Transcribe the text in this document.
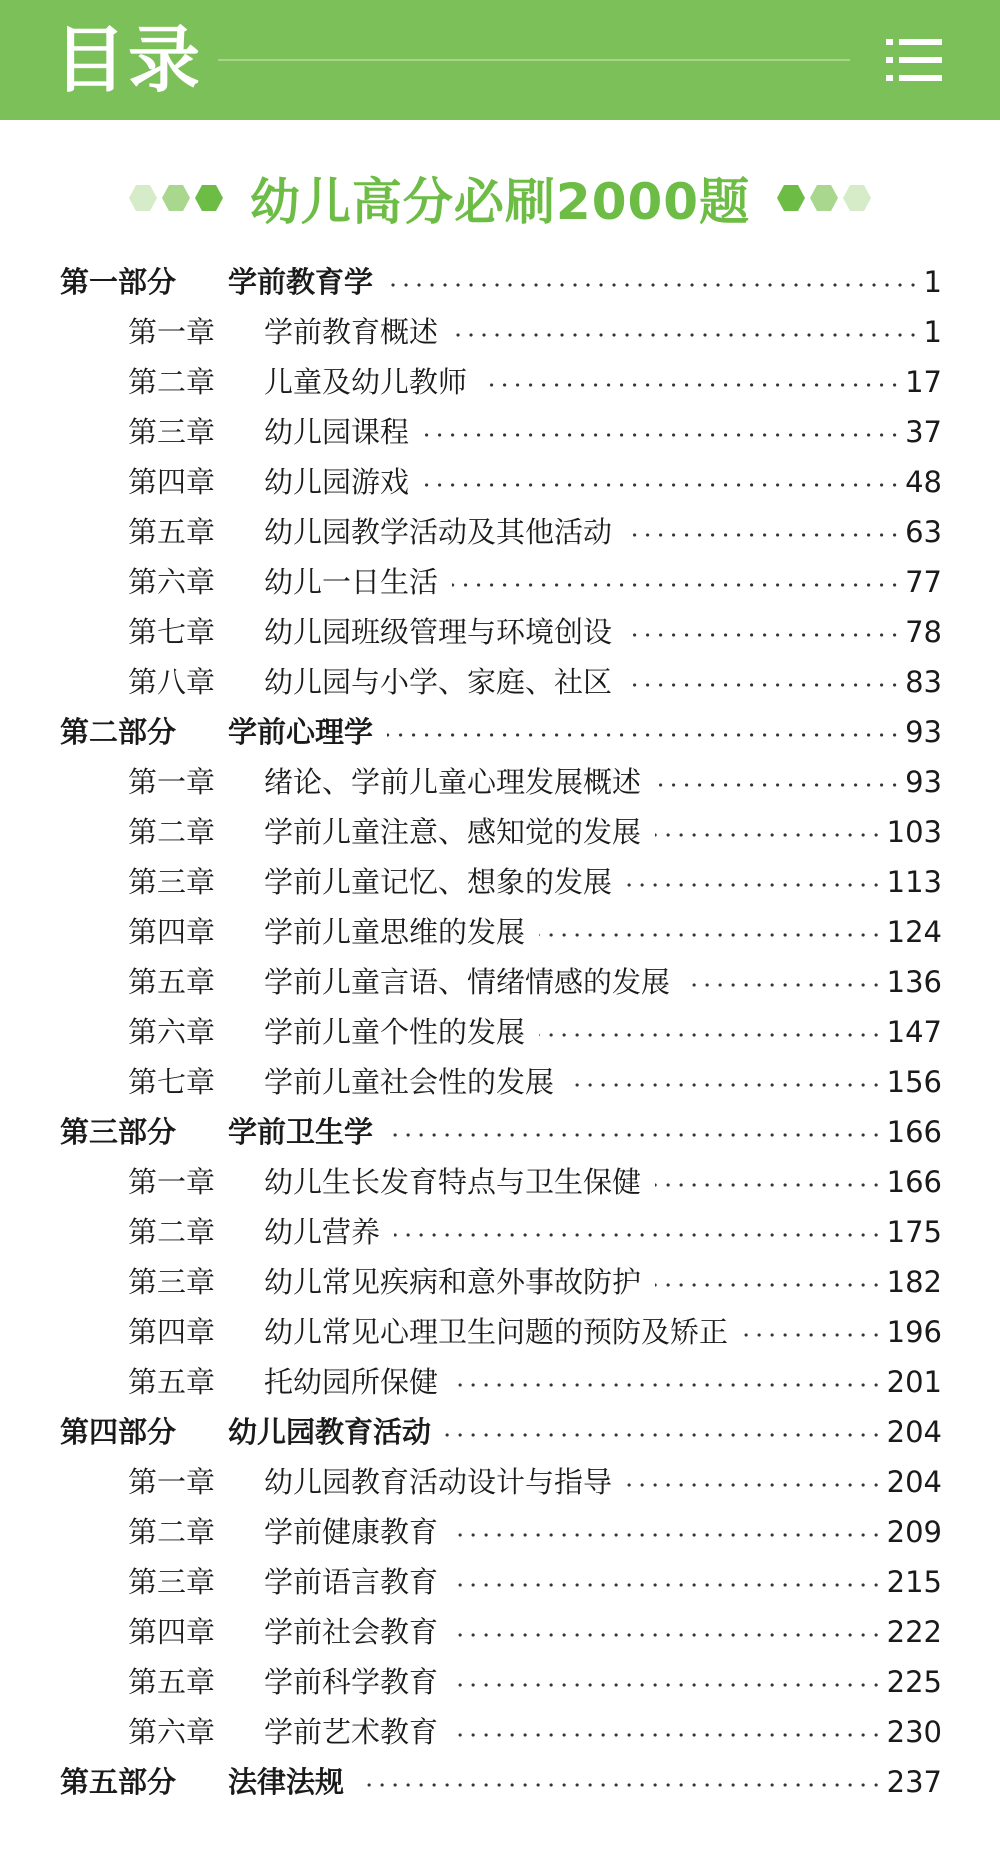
目录
幼儿高分必刷2000题
第一部分	学前教育学	1
第一章	学前教育概述	1
第二章	儿童及幼儿教师	17
第三章	幼儿园课程	37
第四章	幼儿园游戏	48
第五章	幼儿园教学活动及其他活动	63
第六章	幼儿一日生活	77
第七章	幼儿园班级管理与环境创设	78
第八章	幼儿园与小学、家庭、社区	83
第二部分	学前心理学	93
第一章	绪论、学前儿童心理发展概述	93
第二章	学前儿童注意、感知觉的发展	103
第三章	学前儿童记忆、想象的发展	113
第四章	学前儿童思维的发展	124
第五章	学前儿童言语、情绪情感的发展	136
第六章	学前儿童个性的发展	147
第七章	学前儿童社会性的发展	156
第三部分	学前卫生学	166
第一章	幼儿生长发育特点与卫生保健	166
第二章	幼儿营养	175
第三章	幼儿常见疾病和意外事故防护	182
第四章	幼儿常见心理卫生问题的预防及矫正	196
第五章	托幼园所保健	201
第四部分	幼儿园教育活动	204
第一章	幼儿园教育活动设计与指导	204
第二章	学前健康教育	209
第三章	学前语言教育	215
第四章	学前社会教育	222
第五章	学前科学教育	225
第六章	学前艺术教育	230
第五部分	法律法规	237
